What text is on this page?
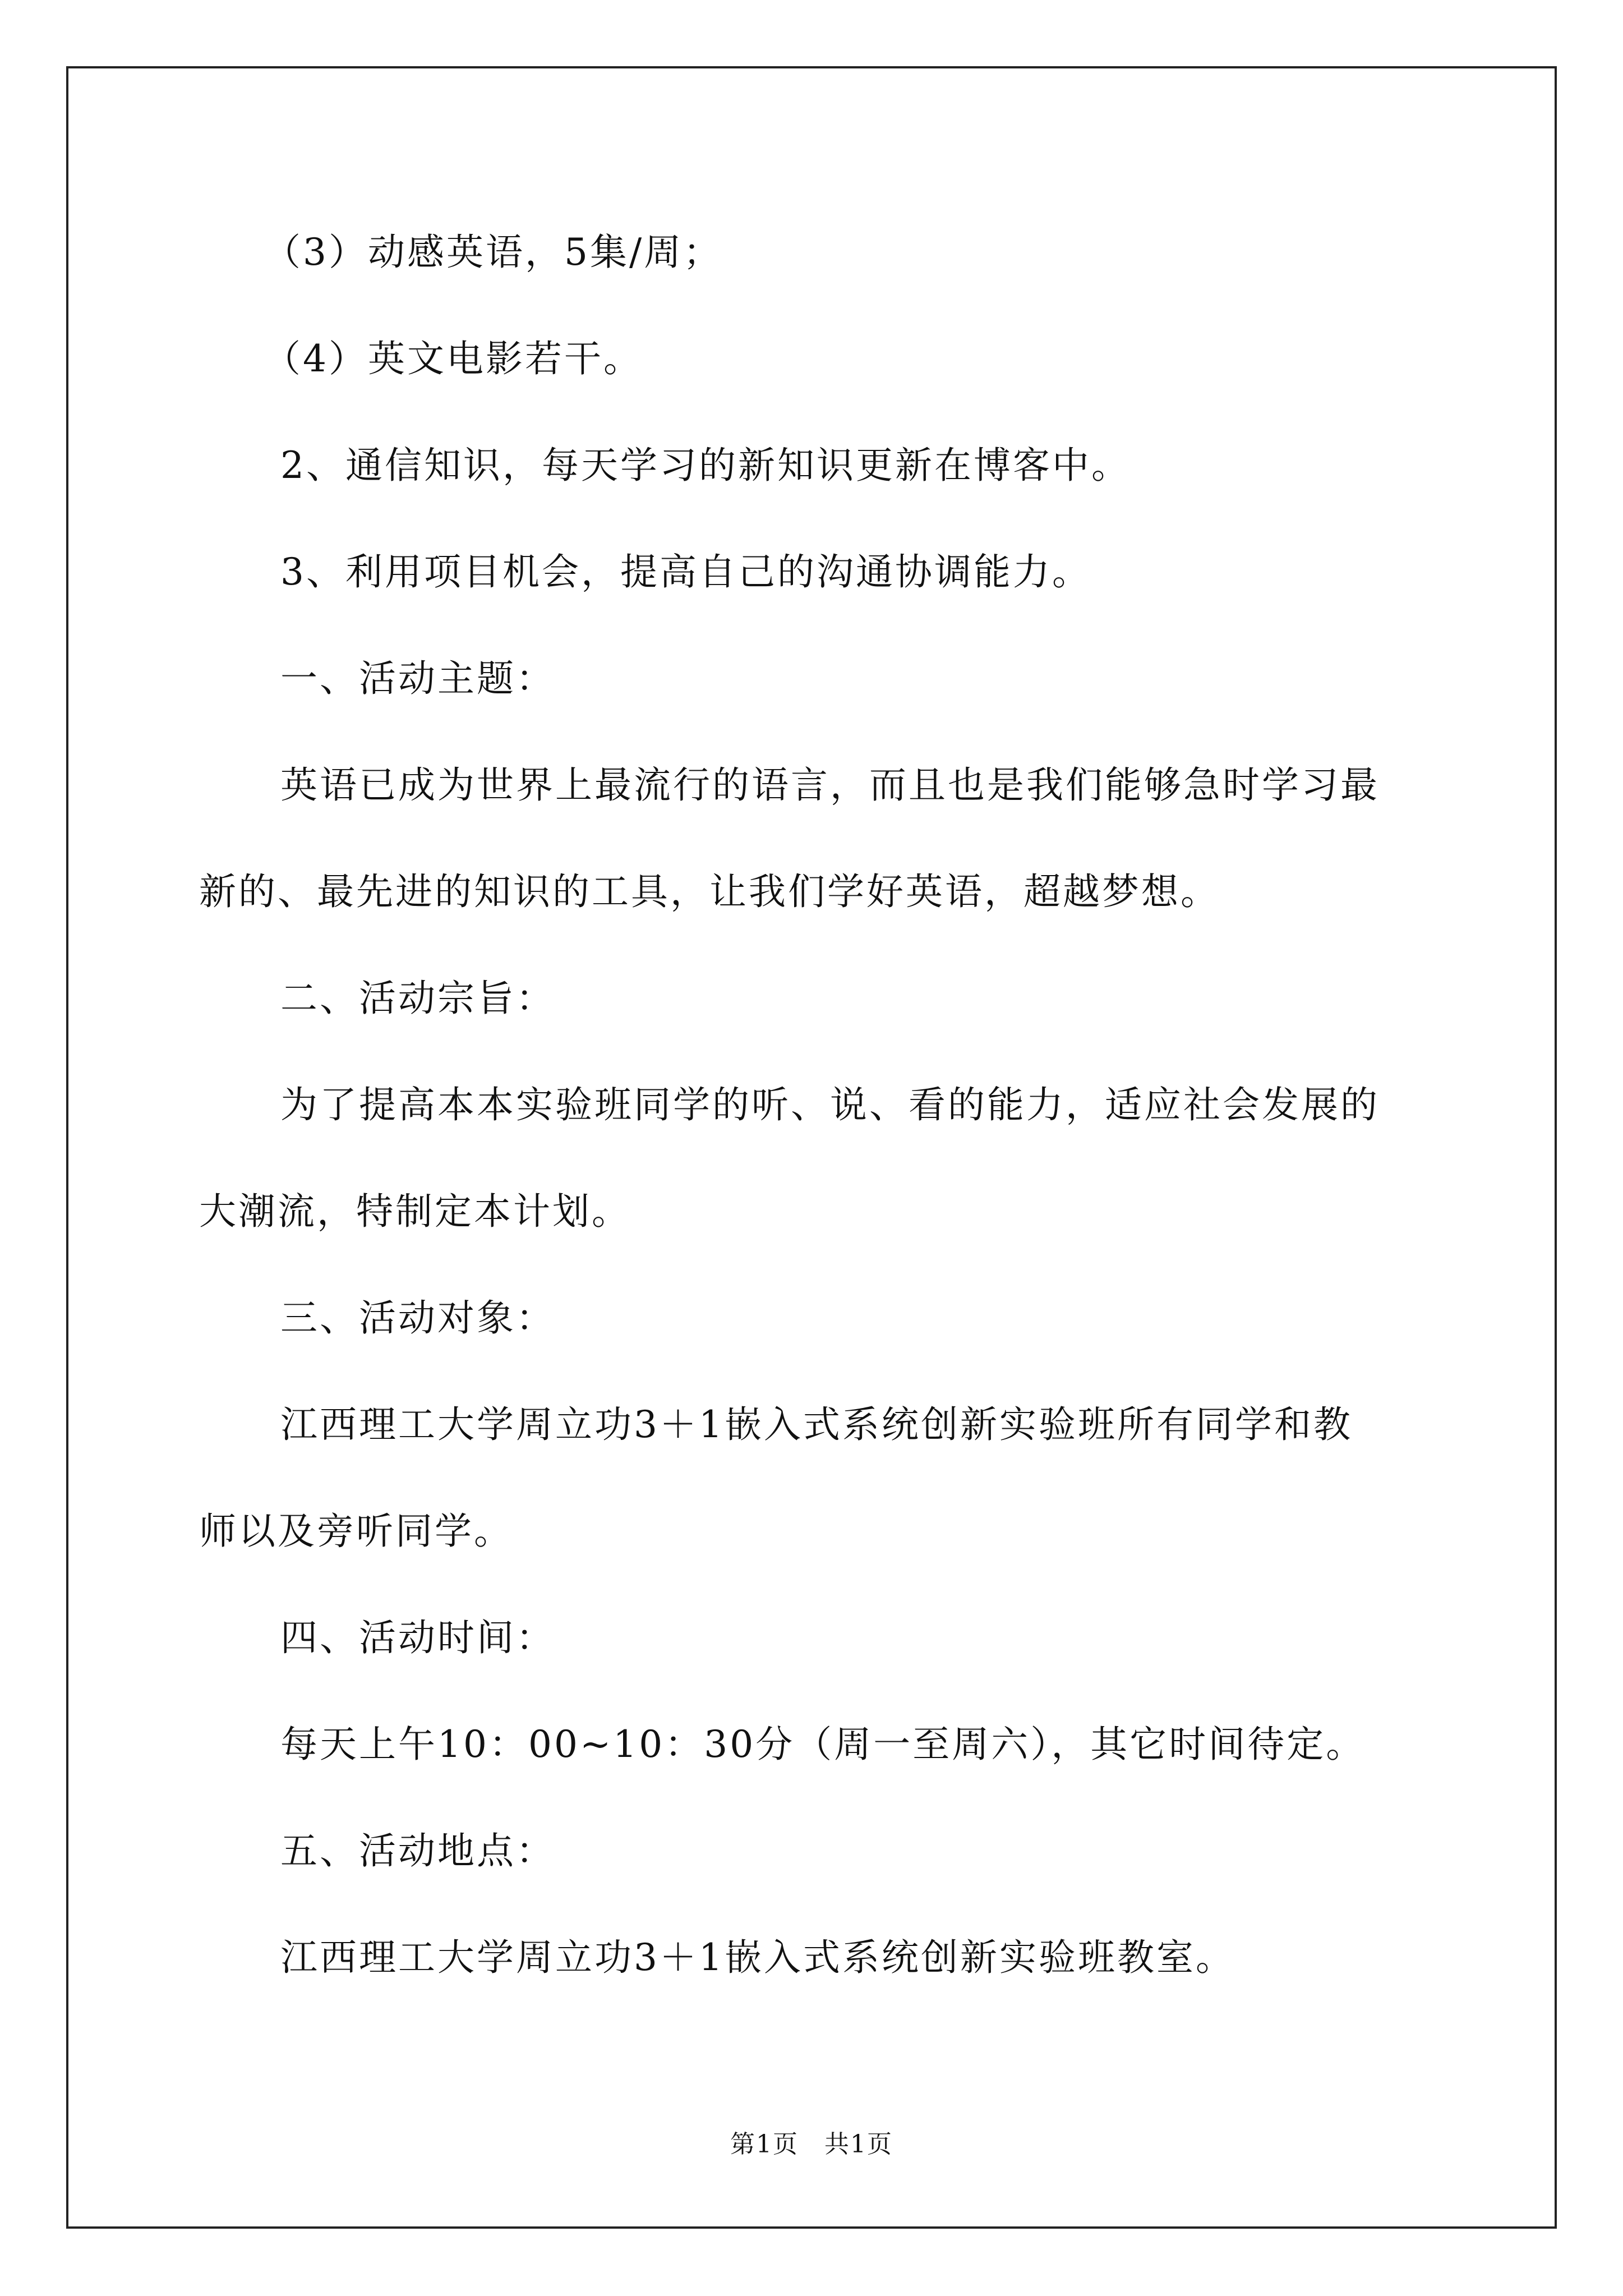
（3）动感英语，5集/周；
（4）英文电影若干。
2、通信知识，每天学习的新知识更新在博客中。
3、利用项目机会，提高自己的沟通协调能力。
一、活动主题：
英语已成为世界上最流行的语言，而且也是我们能够急时学习最
新的、最先进的知识的工具，让我们学好英语，超越梦想。
二、活动宗旨：
为了提高本本实验班同学的听、说、看的能力，适应社会发展的
大潮流，特制定本计划。
三、活动对象：
江西理工大学周立功3＋1嵌入式系统创新实验班所有同学和教
师以及旁听同学。
四、活动时间：
每天上午10：00~10：30分（周一至周六），其它时间待定。
五、活动地点：
江西理工大学周立功3＋1嵌入式系统创新实验班教室。
第1页　共1页
